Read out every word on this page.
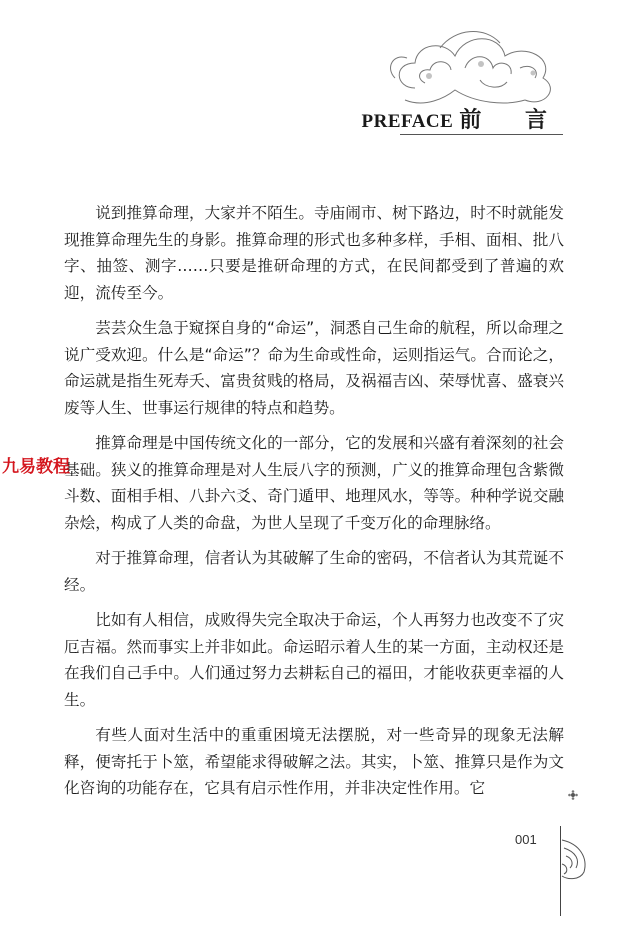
PREFACE 前 言

说到推算命理，大家并不陌生。寺庙闹市、树下路边，时不时就能发现推算命理先生的身影。推算命理的形式也多种多样，手相、面相、批八字、抽签、测字……只要是推研命理的方式，在民间都受到了普遍的欢迎，流传至今。

芸芸众生急于窥探自身的“命运”，洞悉自己生命的航程，所以命理之说广受欢迎。什么是“命运”？命为生命或性命，运则指运气。合而论之，命运就是指生死寿夭、富贵贫贱的格局，及祸福吉凶、荣辱忧喜、盛衰兴废等人生、世事运行规律的特点和趋势。

推算命理是中国传统文化的一部分，它的发展和兴盛有着深刻的社会基础。狭义的推算命理是对人生辰八字的预测，广义的推算命理包含紫微斗数、面相手相、八卦六爻、奇门遁甲、地理风水，等等。种种学说交融杂烩，构成了人类的命盘，为世人呈现了千变万化的命理脉络。

对于推算命理，信者认为其破解了生命的密码，不信者认为其荒诞不经。

比如有人相信，成败得失完全取决于命运，个人再努力也改变不了灾厄吉福。然而事实上并非如此。命运昭示着人生的某一方面，主动权还是在我们自己手中。人们通过努力去耕耘自己的福田，才能收获更幸福的人生。

有些人面对生活中的重重困境无法摆脱，对一些奇异的现象无法解释，便寄托于卜筮，希望能求得破解之法。其实，卜筮、推算只是作为文化咨询的功能存在，它具有启示性作用，并非决定性作用。它

九易教程
001
